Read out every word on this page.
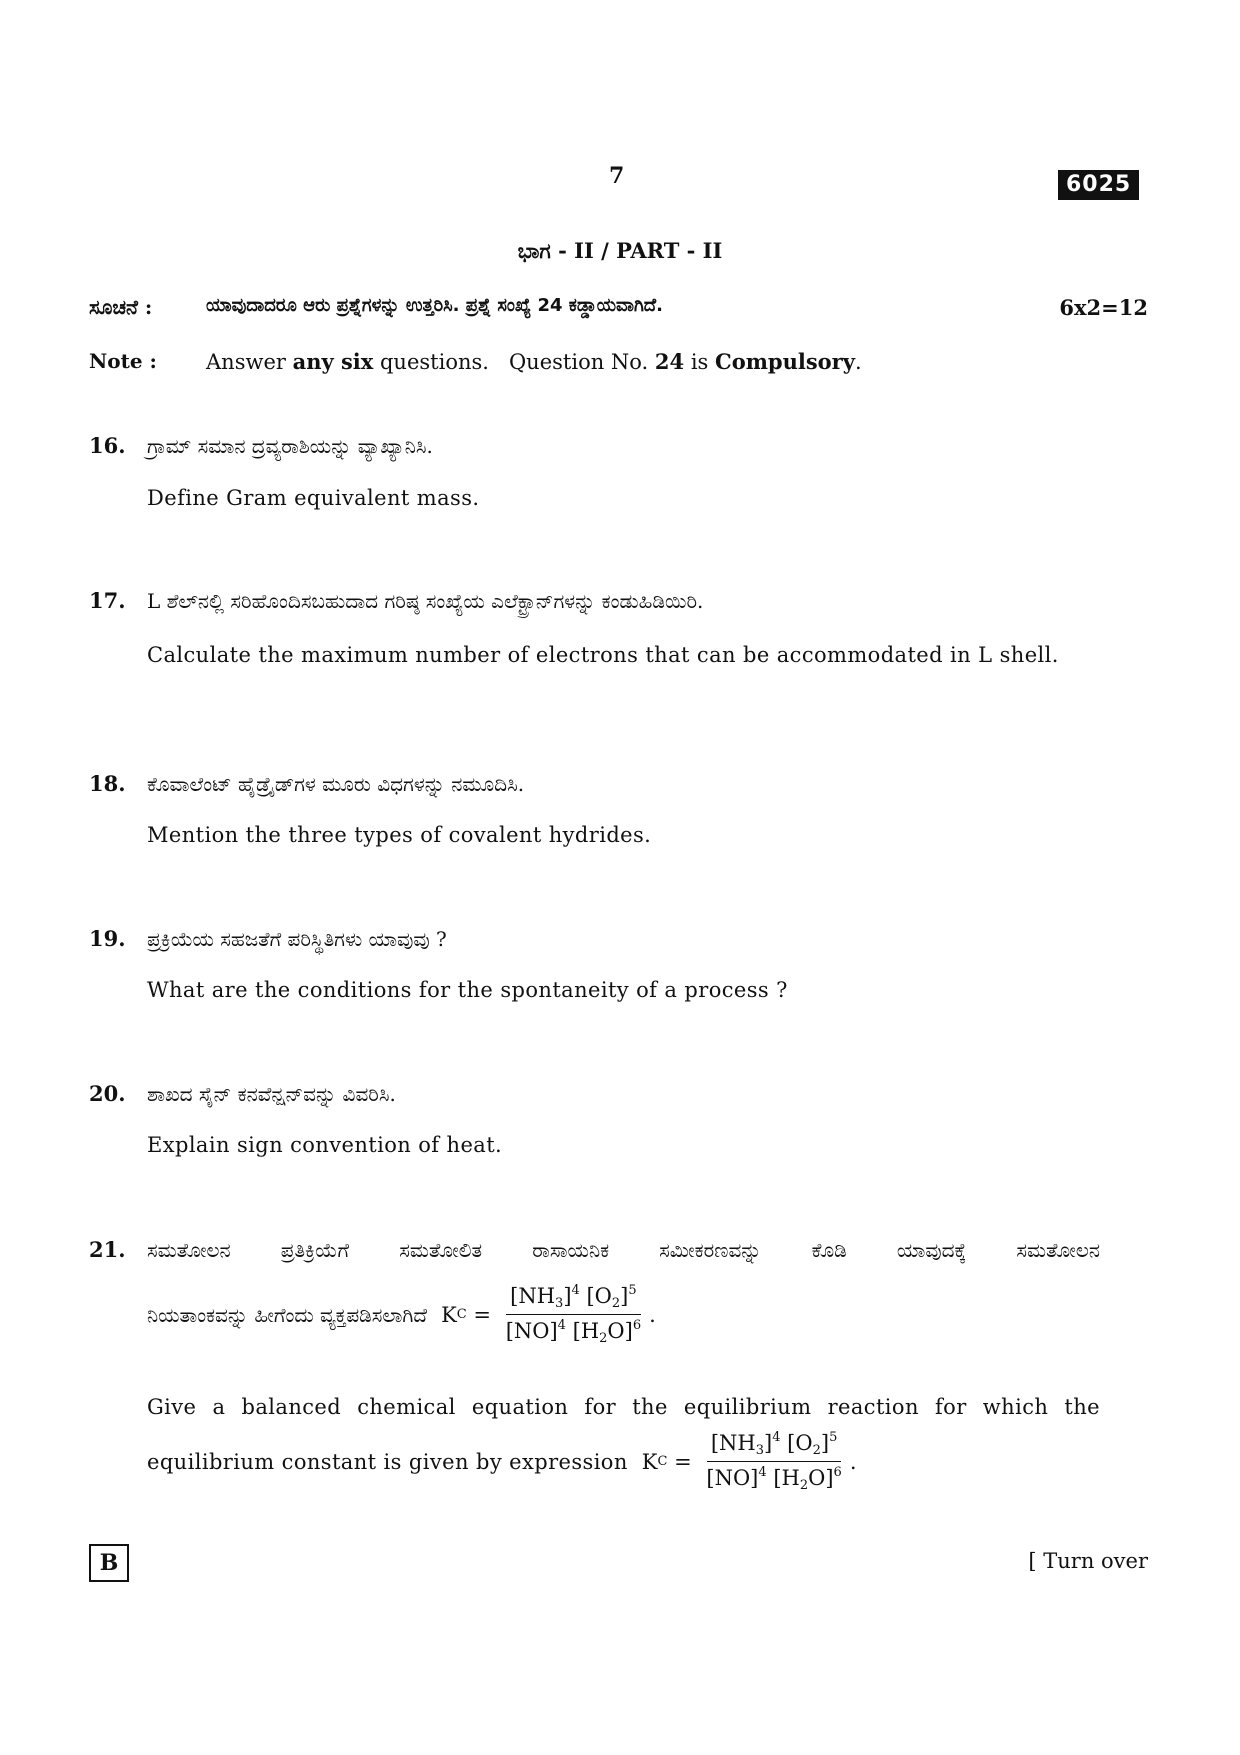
7	6025
ಭಾಗ - II / PART - II
ಸೂಚನೆ :	ಯಾವುದಾದರೂ ಆರು ಪ್ರಶ್ನೆಗಳನ್ನು ಉತ್ತರಿಸಿ. ಪ್ರಶ್ನೆ ಸಂಖ್ಯೆ 24 ಕಡ್ಡಾಯವಾಗಿದೆ.	6x2=12
Note : Answer any six questions.   Question No. 24 is Compulsory.
16. ಗ್ರಾಮ್ ಸಮಾನ ದ್ರವ್ಯರಾಶಿಯನ್ನು ವ್ಯಾಖ್ಯಾನಿಸಿ.
Define Gram equivalent mass.
17. L ಶೆಲ್‌ನಲ್ಲಿ ಸರಿಹೊಂದಿಸಬಹುದಾದ ಗರಿಷ್ಠ ಸಂಖ್ಯೆಯ ಎಲೆಕ್ಟ್ರಾನ್‌ಗಳನ್ನು ಕಂಡುಹಿಡಿಯಿರಿ.
Calculate the maximum number of electrons that can be accommodated in L shell.
18. ಕೊವಾಲೆಂಟ್ ಹೈಡ್ರೈಡ್‌ಗಳ ಮೂರು ವಿಧಗಳನ್ನು ನಮೂದಿಸಿ.
Mention the three types of covalent hydrides.
19. ಪ್ರಕ್ರಿಯೆಯ ಸಹಜತೆಗೆ ಪರಿಸ್ಥಿತಿಗಳು ಯಾವುವು ?
What are the conditions for the spontaneity of a process ?
20. ಶಾಖದ ಸೈನ್ ಕನವೆನ್ಷನ್‌ವನ್ನು ವಿವರಿಸಿ.
Explain sign convention of heat.
21. ಸಮತೋಲನ ಪ್ರತಿಕ್ರಿಯೆಗೆ ಸಮತೋಲಿತ ರಾಸಾಯನಿಕ ಸಮೀಕರಣವನ್ನು ಕೊಡಿ ಯಾವುದಕ್ಕೆ ಸಮತೋಲನ
ನಿಯತಾಂಕವನ್ನು ಹೀಗೆಂದು ವ್ಯಕ್ತಪಡಿಸಲಾಗಿದೆ K $C = \frac{[NH_3]^4 [O_2]^5}{[NO]^4 [H_2O]^6}$ .
Give a balanced chemical equation for the equilibrium reaction for which the
equilibrium constant is given by expression K $C = \frac{[NH_3]^4 [O_2]^5}{[NO]^4 [H_2O]^6}$ .
B	[ Turn over
